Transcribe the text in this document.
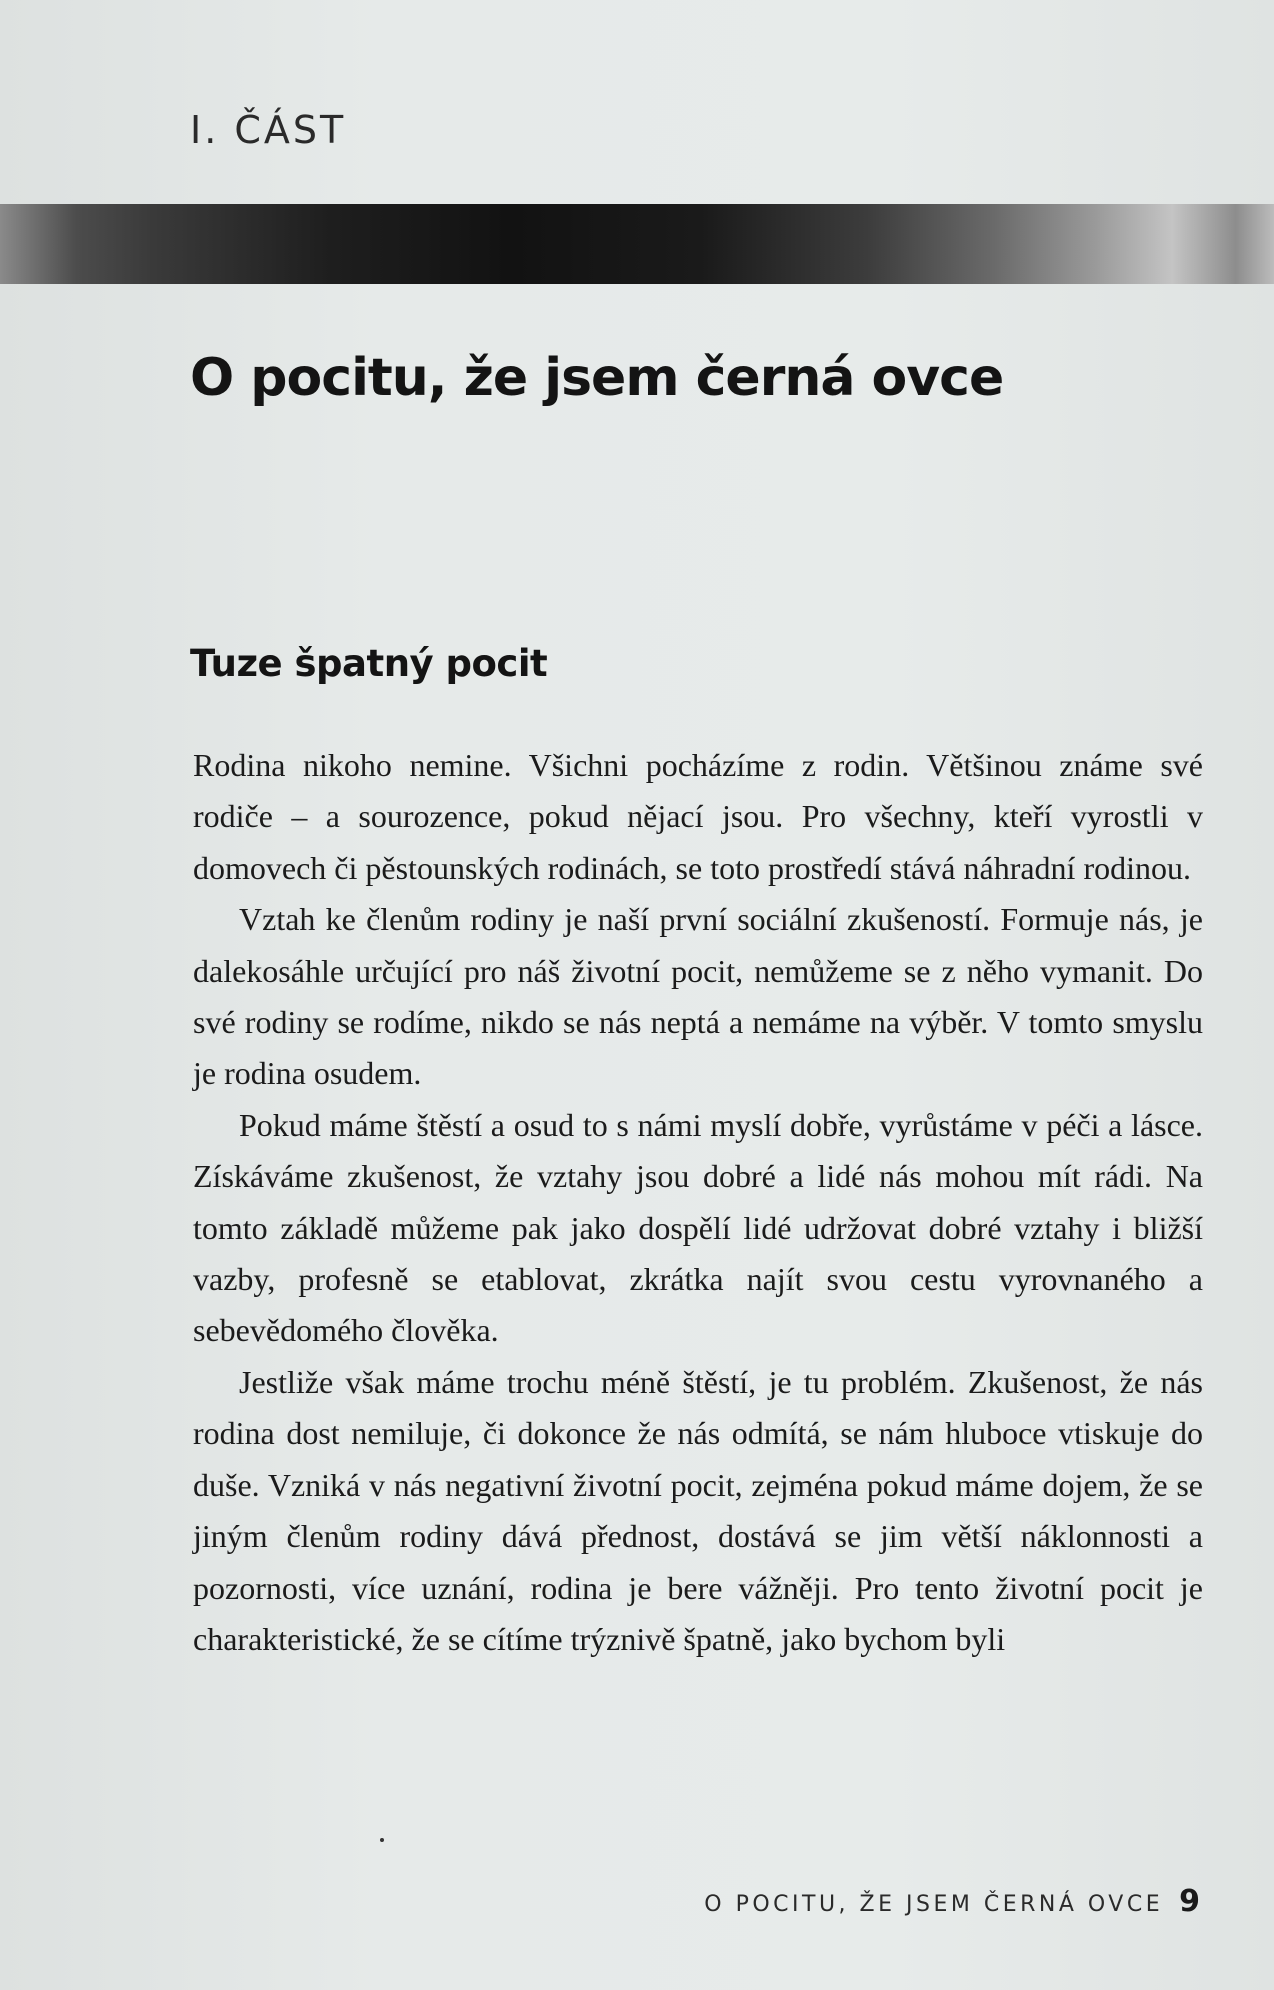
I. ČÁST
O pocitu, že jsem černá ovce
Tuze špatný pocit

Rodina nikoho nemine. Všichni pocházíme z rodin. Většinou známe své rodiče – a sourozence, pokud nějací jsou. Pro všechny, kteří vyrostli v domovech či pěstounských rodinách, se toto prostředí stává náhradní rodinou.

Vztah ke členům rodiny je naší první sociální zkušeností. Formuje nás, je dalekosáhle určující pro náš životní pocit, nemůžeme se z něho vymanit. Do své rodiny se rodíme, nikdo se nás neptá a nemáme na výběr. V tomto smyslu je rodina osudem.

Pokud máme štěstí a osud to s námi myslí dobře, vyrůstáme v péči a lásce. Získáváme zkušenost, že vztahy jsou dobré a lidé nás mohou mít rádi. Na tomto základě můžeme pak jako dospělí lidé udržovat dobré vztahy i bližší vazby, profesně se etablovat, zkrátka najít svou cestu vyrovnaného a sebevědomého člověka.

Jestliže však máme trochu méně štěstí, je tu problém. Zkušenost, že nás rodina dost nemiluje, či dokonce že nás odmítá, se nám hluboce vtiskuje do duše. Vzniká v nás negativní životní pocit, zejména pokud máme dojem, že se jiným členům rodiny dává přednost, dostává se jim větší náklonnosti a pozornosti, více uznání, rodina je bere vážněji. Pro tento životní pocit je charakteristické, že se cítíme trýznivě špatně, jako bychom byli

O POCITU, ŽE JSEM ČERNÁ OVCE 9
